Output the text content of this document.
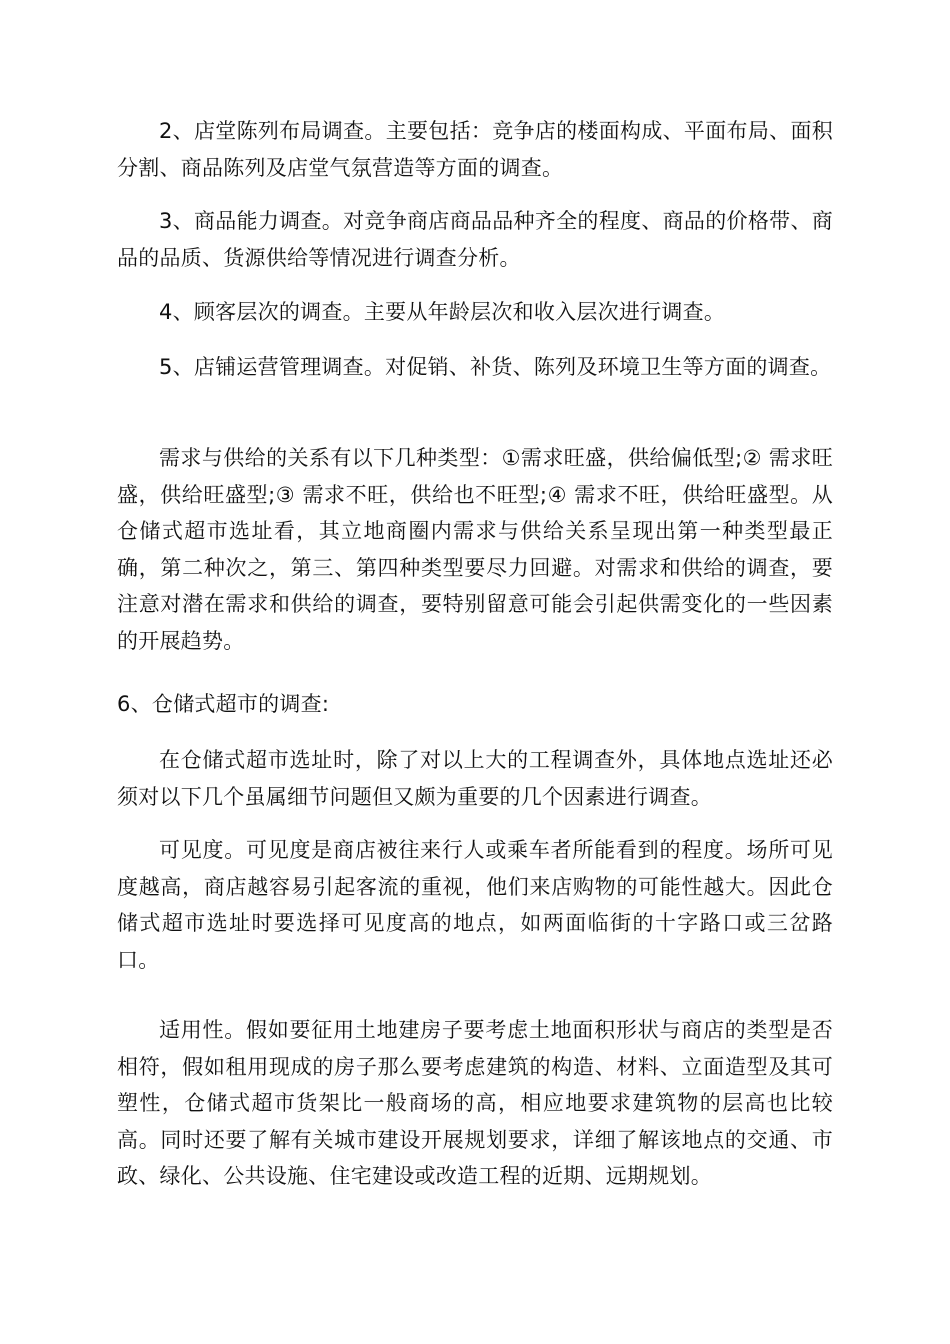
2、店堂陈列布局调查。主要包括：竞争店的楼面构成、平面布局、面积分割、商品陈列及店堂气氛营造等方面的调查。

3、商品能力调查。对竞争商店商品品种齐全的程度、商品的价格带、商品的品质、货源供给等情况进行调查分析。

4、顾客层次的调查。主要从年龄层次和收入层次进行调查。

5、店铺运营管理调查。对促销、补货、陈列及环境卫生等方面的调查。

需求与供给的关系有以下几种类型：①需求旺盛，供给偏低型;② 需求旺盛，供给旺盛型;③ 需求不旺，供给也不旺型;④ 需求不旺，供给旺盛型。从仓储式超市选址看，其立地商圈内需求与供给关系呈现出第一种类型最正确，第二种次之，第三、第四种类型要尽力回避。对需求和供给的调查，要注意对潜在需求和供给的调查，要特别留意可能会引起供需变化的一些因素的开展趋势。

6、仓储式超市的调查:

在仓储式超市选址时，除了对以上大的工程调查外，具体地点选址还必须对以下几个虽属细节问题但又颇为重要的几个因素进行调查。

可见度。可见度是商店被往来行人或乘车者所能看到的程度。场所可见度越高，商店越容易引起客流的重视，他们来店购物的可能性越大。因此仓储式超市选址时要选择可见度高的地点，如两面临街的十字路口或三岔路口。

适用性。假如要征用土地建房子要考虑土地面积形状与商店的类型是否相符，假如租用现成的房子那么要考虑建筑的构造、材料、立面造型及其可塑性，仓储式超市货架比一般商场的高，相应地要求建筑物的层高也比较高。同时还要了解有关城市建设开展规划要求，详细了解该地点的交通、市政、绿化、公共设施、住宅建设或改造工程的近期、远期规划。
